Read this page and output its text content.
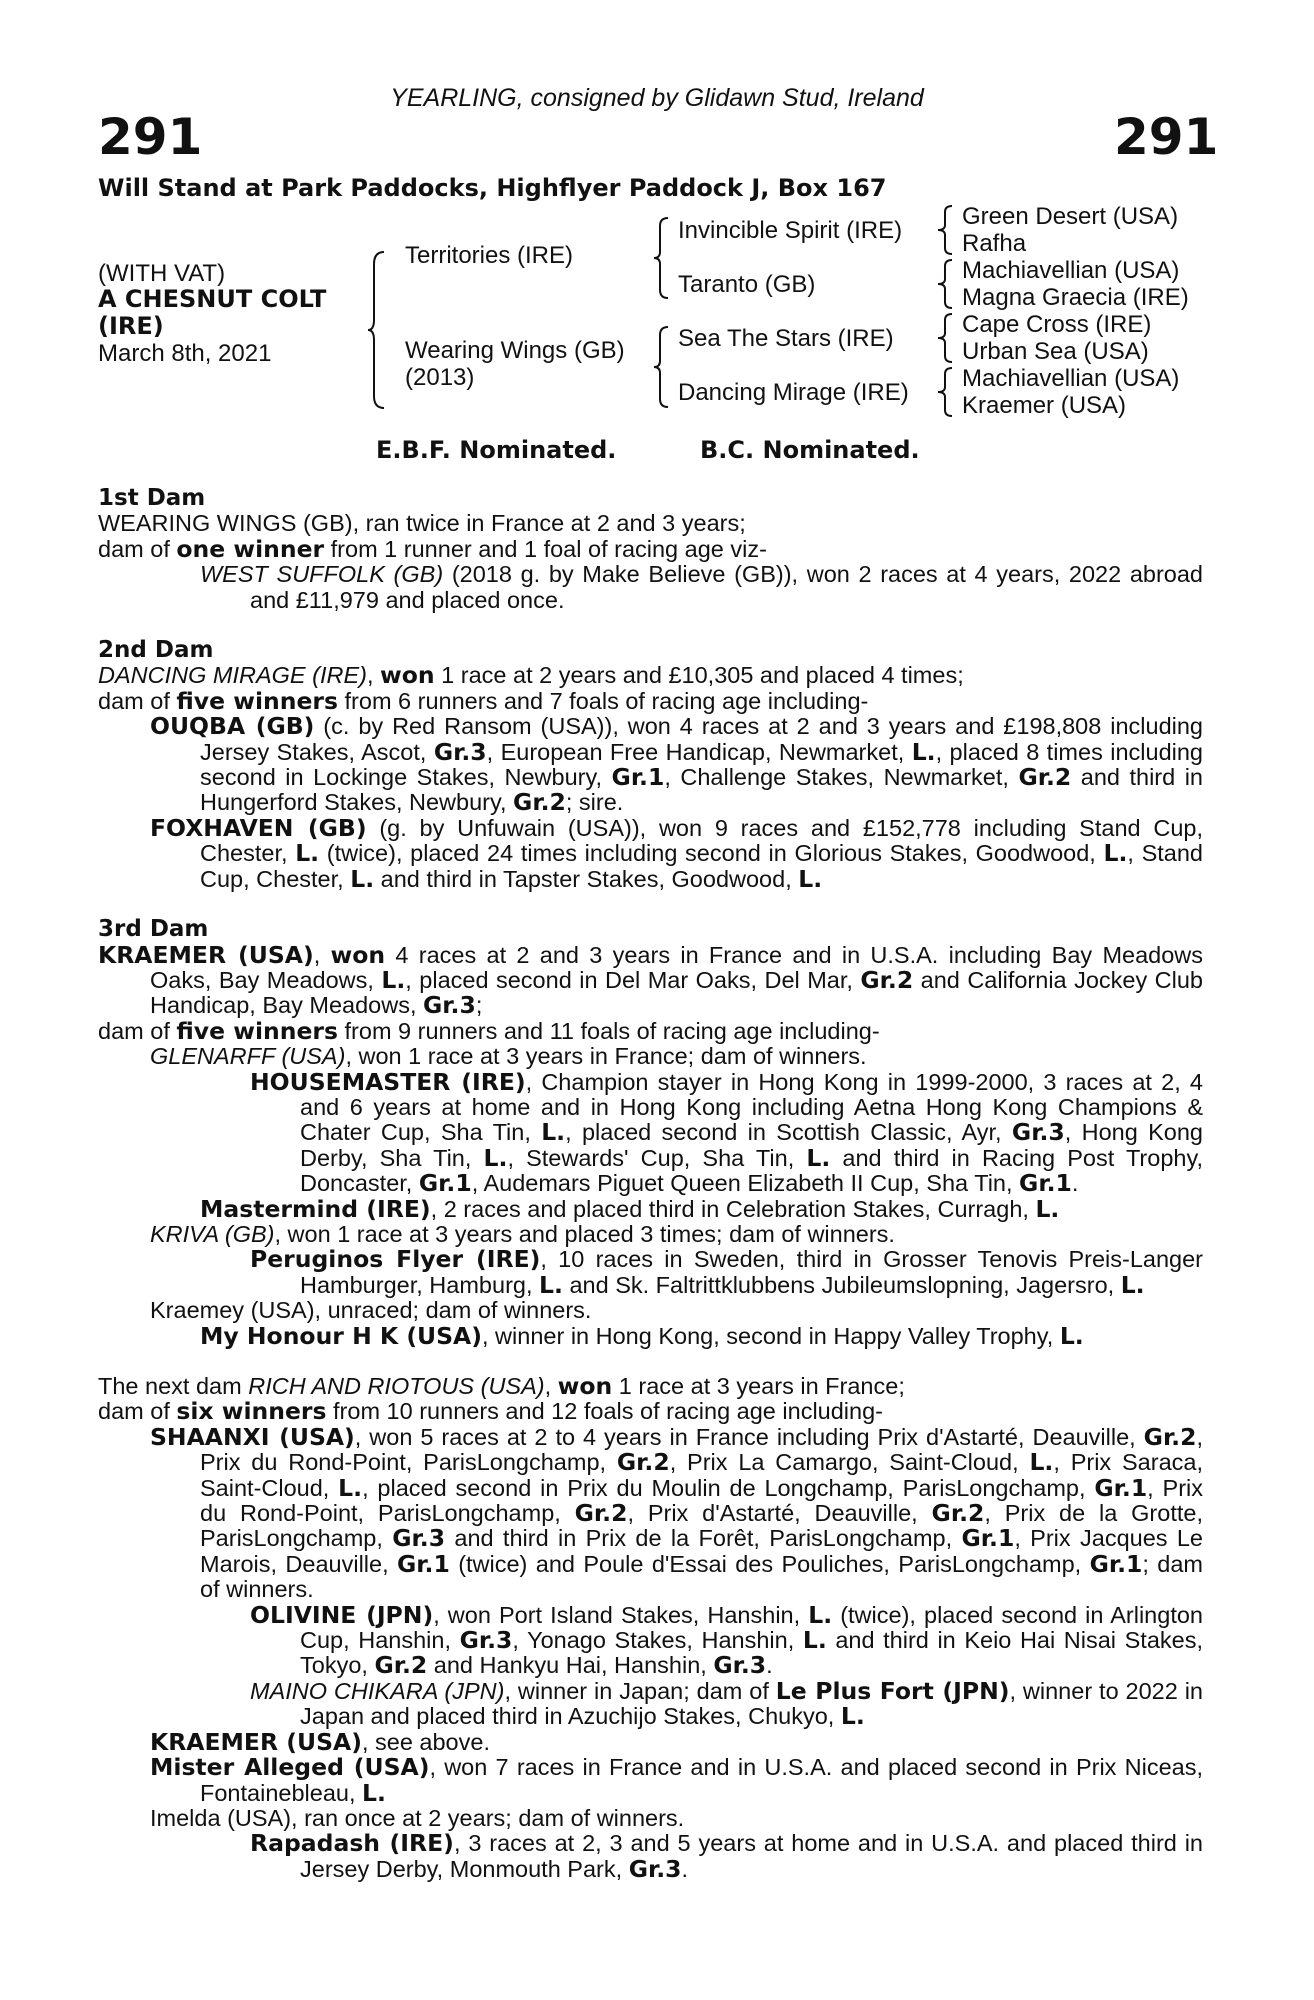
YEARLING, consigned by Glidawn Stud, Ireland
291	291
Will Stand at Park Paddocks, Highflyer Paddock J, Box 167
(WITH VAT)
A CHESNUT COLT
(IRE)
March 8th, 2021
Territories (IRE)
Wearing Wings (GB)
(2013)
Invincible Spirit (IRE)
Taranto (GB)
Sea The Stars (IRE)
Dancing Mirage (IRE)
Green Desert (USA)
Rafha
Machiavellian (USA)
Magna Graecia (IRE)
Cape Cross (IRE)
Urban Sea (USA)
Machiavellian (USA)
Kraemer (USA)
E.B.F. Nominated.	B.C. Nominated.
1st Dam
WEARING WINGS (GB), ran twice in France at 2 and 3 years;
dam of one winner from 1 runner and 1 foal of racing age viz-
WEST SUFFOLK (GB) (2018 g. by Make Believe (GB)), won 2 races at 4 years, 2022 abroad and £11,979 and placed once.
2nd Dam
DANCING MIRAGE (IRE), won 1 race at 2 years and £10,305 and placed 4 times;
dam of five winners from 6 runners and 7 foals of racing age including-
OUQBA (GB) (c. by Red Ransom (USA)), won 4 races at 2 and 3 years and £198,808 including Jersey Stakes, Ascot, Gr.3, European Free Handicap, Newmarket, L., placed 8 times including second in Lockinge Stakes, Newbury, Gr.1, Challenge Stakes, Newmarket, Gr.2 and third in Hungerford Stakes, Newbury, Gr.2; sire.
FOXHAVEN (GB) (g. by Unfuwain (USA)), won 9 races and £152,778 including Stand Cup, Chester, L. (twice), placed 24 times including second in Glorious Stakes, Goodwood, L., Stand Cup, Chester, L. and third in Tapster Stakes, Goodwood, L.
3rd Dam
KRAEMER (USA), won 4 races at 2 and 3 years in France and in U.S.A. including Bay Meadows Oaks, Bay Meadows, L., placed second in Del Mar Oaks, Del Mar, Gr.2 and California Jockey Club Handicap, Bay Meadows, Gr.3;
dam of five winners from 9 runners and 11 foals of racing age including-
GLENARFF (USA), won 1 race at 3 years in France; dam of winners.
HOUSEMASTER (IRE), Champion stayer in Hong Kong in 1999-2000, 3 races at 2, 4 and 6 years at home and in Hong Kong including Aetna Hong Kong Champions & Chater Cup, Sha Tin, L., placed second in Scottish Classic, Ayr, Gr.3, Hong Kong Derby, Sha Tin, L., Stewards' Cup, Sha Tin, L. and third in Racing Post Trophy, Doncaster, Gr.1, Audemars Piguet Queen Elizabeth II Cup, Sha Tin, Gr.1.
Mastermind (IRE), 2 races and placed third in Celebration Stakes, Curragh, L.
KRIVA (GB), won 1 race at 3 years and placed 3 times; dam of winners.
Peruginos Flyer (IRE), 10 races in Sweden, third in Grosser Tenovis Preis-Langer Hamburger, Hamburg, L. and Sk. Faltrittklubbens Jubileumslopning, Jagersro, L.
Kraemey (USA), unraced; dam of winners.
My Honour H K (USA), winner in Hong Kong, second in Happy Valley Trophy, L.
The next dam RICH AND RIOTOUS (USA), won 1 race at 3 years in France;
dam of six winners from 10 runners and 12 foals of racing age including-
SHAANXI (USA), won 5 races at 2 to 4 years in France including Prix d'Astarté, Deauville, Gr.2, Prix du Rond-Point, ParisLongchamp, Gr.2, Prix La Camargo, Saint-Cloud, L., Prix Saraca, Saint-Cloud, L., placed second in Prix du Moulin de Longchamp, ParisLongchamp, Gr.1, Prix du Rond-Point, ParisLongchamp, Gr.2, Prix d'Astarté, Deauville, Gr.2, Prix de la Grotte, ParisLongchamp, Gr.3 and third in Prix de la Forêt, ParisLongchamp, Gr.1, Prix Jacques Le Marois, Deauville, Gr.1 (twice) and Poule d'Essai des Pouliches, ParisLongchamp, Gr.1; dam of winners.
OLIVINE (JPN), won Port Island Stakes, Hanshin, L. (twice), placed second in Arlington Cup, Hanshin, Gr.3, Yonago Stakes, Hanshin, L. and third in Keio Hai Nisai Stakes, Tokyo, Gr.2 and Hankyu Hai, Hanshin, Gr.3.
MAINO CHIKARA (JPN), winner in Japan; dam of Le Plus Fort (JPN), winner to 2022 in Japan and placed third in Azuchijo Stakes, Chukyo, L.
KRAEMER (USA), see above.
Mister Alleged (USA), won 7 races in France and in U.S.A. and placed second in Prix Niceas, Fontainebleau, L.
Imelda (USA), ran once at 2 years; dam of winners.
Rapadash (IRE), 3 races at 2, 3 and 5 years at home and in U.S.A. and placed third in Jersey Derby, Monmouth Park, Gr.3.
